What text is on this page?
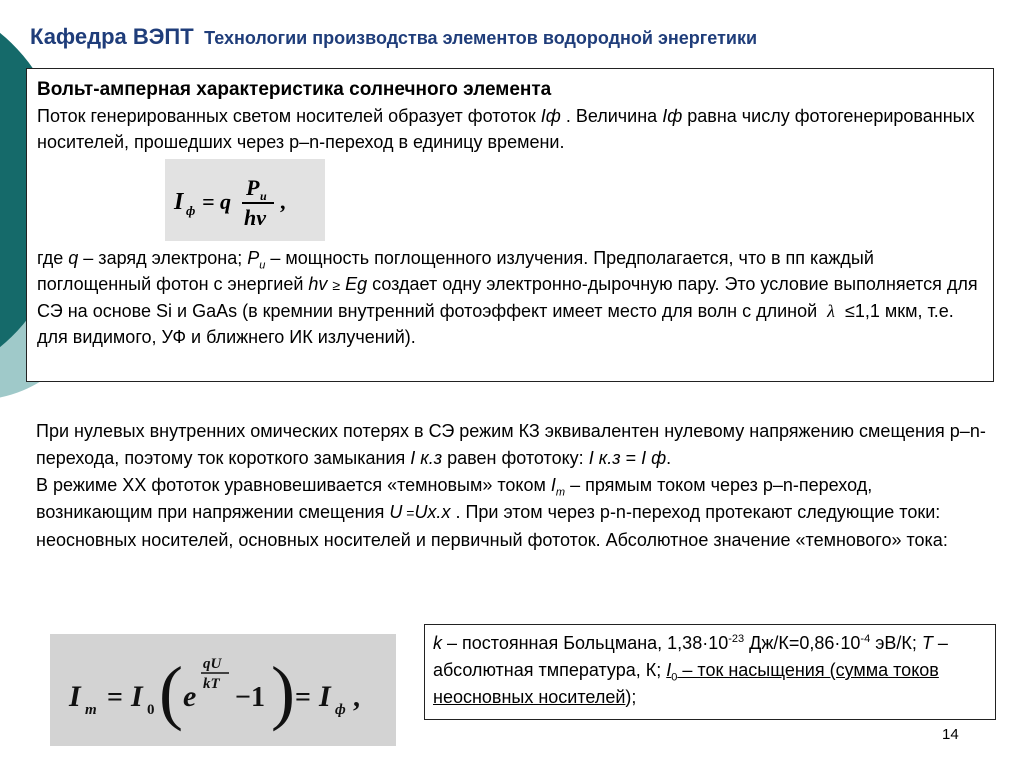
Кафедра ВЭПТ Технологии производства элементов водородной энергетики
Вольт-амперная характеристика солнечного элемента
Поток генерированных светом носителей образует фототок Iф . Величина Iф равна числу фотогенерированных носителей, прошедших через р–n-переход в единицу времени.
I ф = q
P u
hv
,
где q – заряд электрона; $P_u$ – мощность поглощенного излучения. Предполагается, что в пп каждый поглощенный фотон с энергией hv ≥ Eg создает одну электронно-дырочную пару. Это условие выполняется для СЭ на основе Si и GaAs (в кремнии внутренний фотоэффект имеет место для волн с длиной  λ ≤1,1 мкм, т.е. для видимого, УФ и ближнего ИК излучений).

При нулевых внутренних омических потерях в СЭ режим КЗ эквивалентен нулевому напряжению смещения р–n-перехода, поэтому ток короткого замыкания I к.з равен фототоку: I к.з = I ф.

В режиме ХХ фототок уравновешивается «темновым» током $I_m$ – прямым током через р–n-переход, возникающим при напряжении смещения U =Ux.x . При этом через р-n-переход протекают следующие токи: неосновных носителей, основных носителей и первичный фототок. Абсолютное значение «темнового» тока:

I m = I 0 ( e
qU
kT −1 ) = I ф ,
k – постоянная Больцмана, $1,38\cdot 10^{-23}$ $Дж/К=0,86\cdot 10^{-4}$ эВ/К; T – абсолютная тмпература, К; $I_0$ – ток насыщения (сумма токов неосновных носителей);
14
